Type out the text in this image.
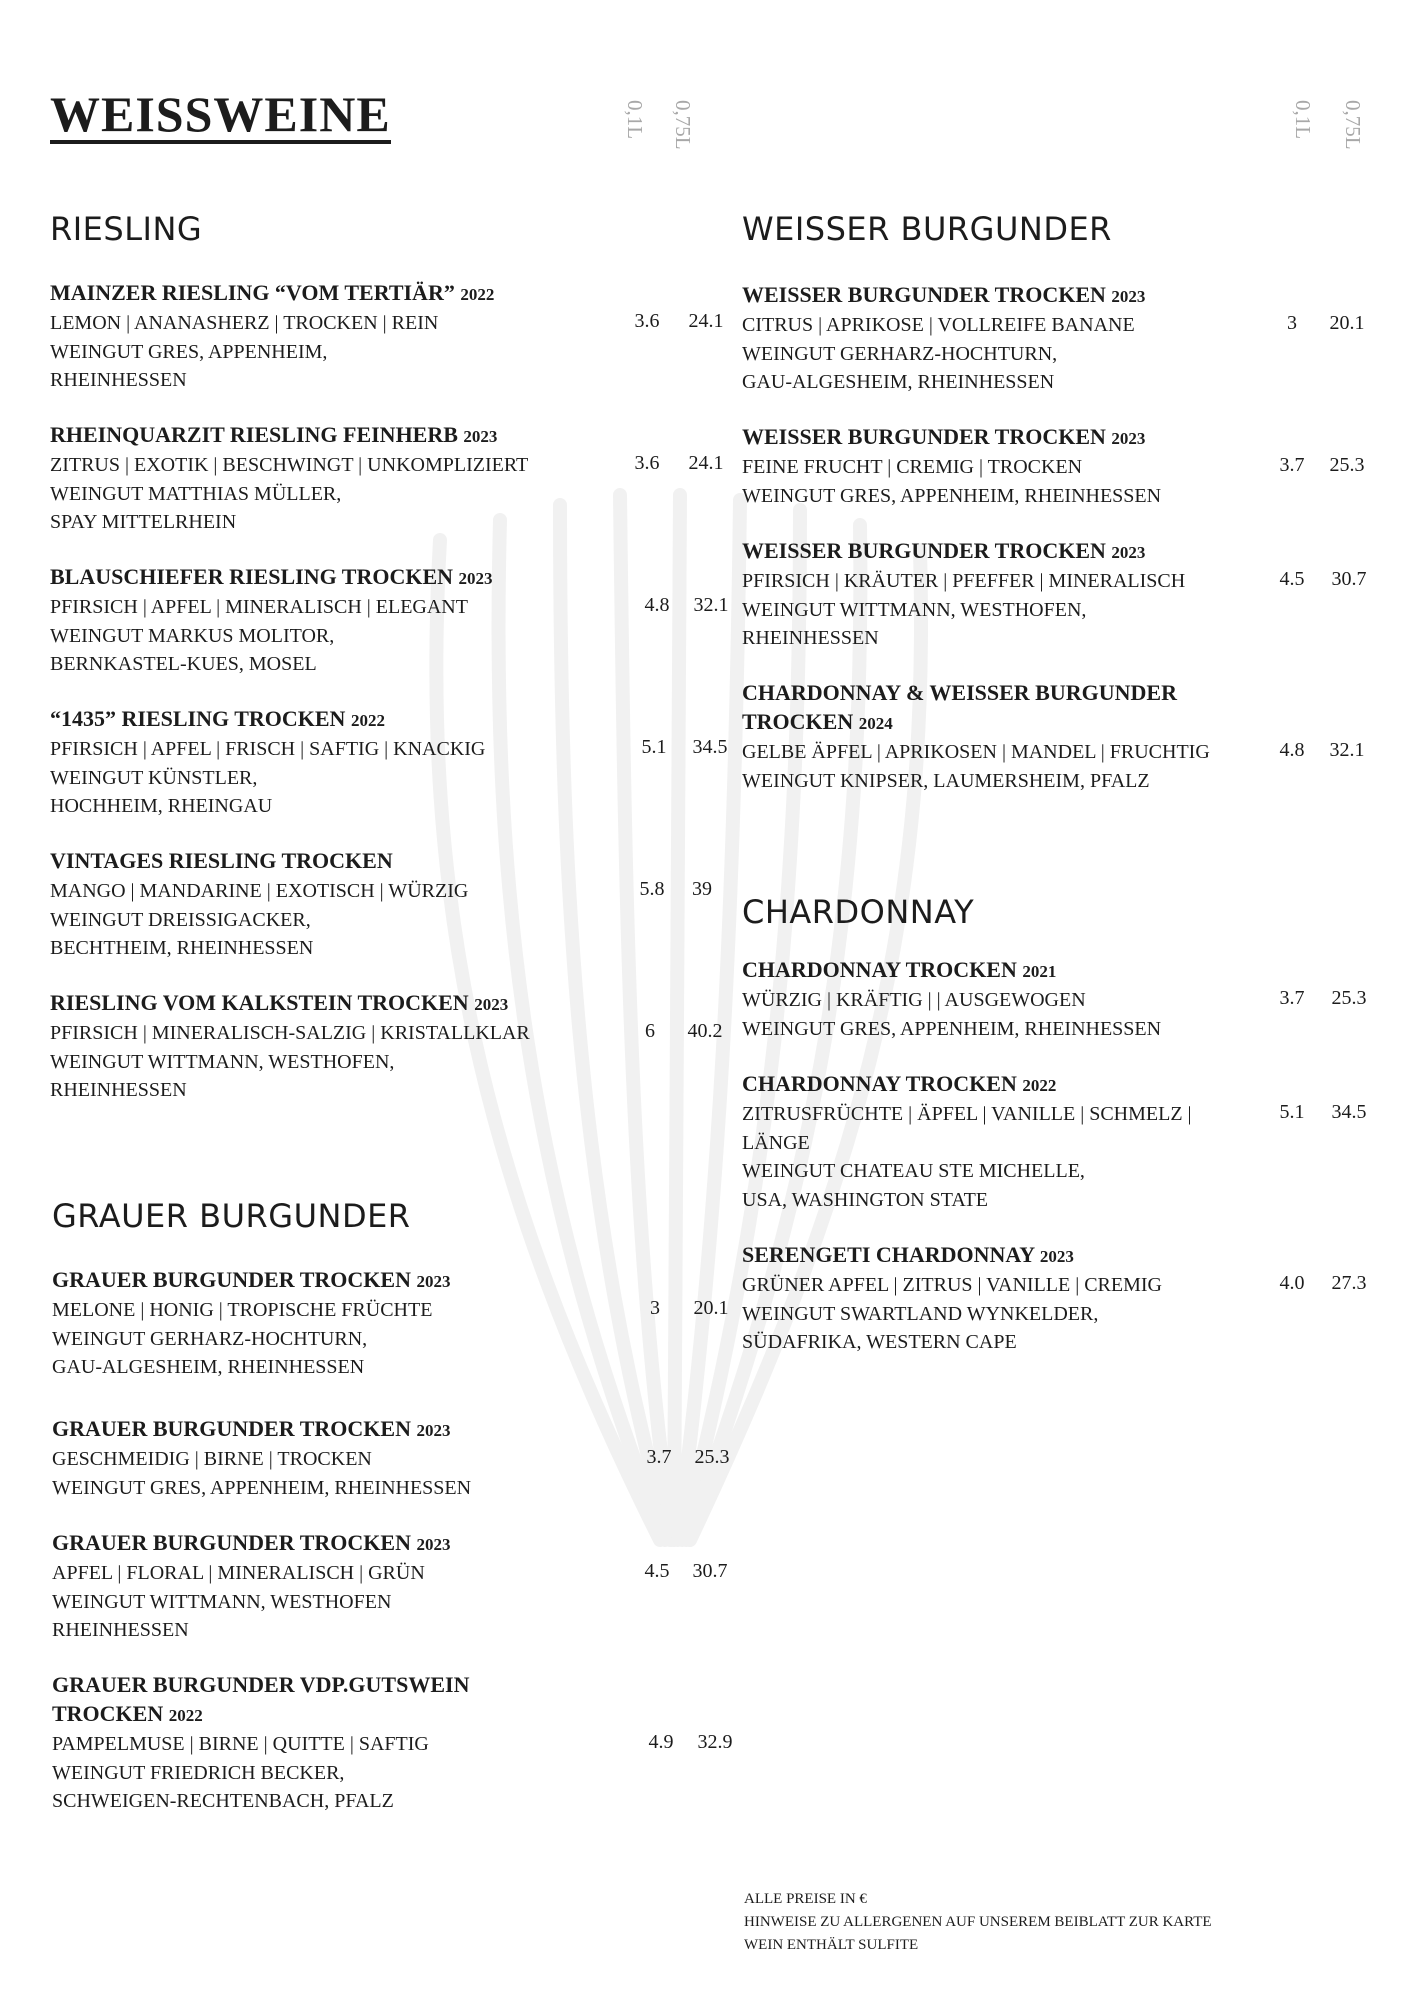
WEISSWEINE	0,1L 0,75L	0,1L 0,75L
RIESLING
GRAUER BURGUNDER
WEISSER BURGUNDER
CHARDONNAY
MAINZER RIESLING “VOM TERTIÄR” 2022
LEMON | ANANASHERZ | TROCKEN | REIN
WEINGUT GRES, APPENHEIM,
RHEINHESSEN
3.6	24.1
RHEINQUARZIT RIESLING FEINHERB 2023
ZITRUS | EXOTIK | BESCHWINGT | UNKOMPLIZIERT
WEINGUT MATTHIAS MÜLLER,
SPAY MITTELRHEIN
3.6	24.1
BLAUSCHIEFER RIESLING TROCKEN 2023
PFIRSICH | APFEL | MINERALISCH | ELEGANT
WEINGUT MARKUS MOLITOR,
BERNKASTEL-KUES, MOSEL
4.8	32.1
“1435” RIESLING TROCKEN 2022
PFIRSICH | APFEL | FRISCH | SAFTIG | KNACKIG
WEINGUT KÜNSTLER,
HOCHHEIM, RHEINGAU
5.1	34.5
VINTAGES RIESLING TROCKEN
MANGO | MANDARINE | EXOTISCH | WÜRZIG
WEINGUT DREISSIGACKER,
BECHTHEIM, RHEINHESSEN
5.8	39
RIESLING VOM KALKSTEIN TROCKEN 2023
PFIRSICH | MINERALISCH-SALZIG | KRISTALLKLAR
WEINGUT WITTMANN, WESTHOFEN,
RHEINHESSEN
6	40.2
GRAUER BURGUNDER TROCKEN 2023
MELONE | HONIG | TROPISCHE FRÜCHTE
WEINGUT GERHARZ-HOCHTURN,
GAU-ALGESHEIM, RHEINHESSEN
3	20.1
GRAUER BURGUNDER TROCKEN 2023
GESCHMEIDIG | BIRNE | TROCKEN
WEINGUT GRES, APPENHEIM, RHEINHESSEN
3.7	25.3
GRAUER BURGUNDER TROCKEN 2023
APFEL | FLORAL | MINERALISCH | GRÜN
WEINGUT WITTMANN, WESTHOFEN
RHEINHESSEN
4.5	30.7
GRAUER BURGUNDER VDP.GUTSWEIN TROCKEN 2022
PAMPELMUSE | BIRNE | QUITTE | SAFTIG
WEINGUT FRIEDRICH BECKER,
SCHWEIGEN-RECHTENBACH, PFALZ
4.9	32.9
WEISSER BURGUNDER TROCKEN 2023
CITRUS | APRIKOSE | VOLLREIFE BANANE
WEINGUT GERHARZ-HOCHTURN,
GAU-ALGESHEIM, RHEINHESSEN
3	20.1
WEISSER BURGUNDER TROCKEN 2023
FEINE FRUCHT | CREMIG | TROCKEN
WEINGUT GRES, APPENHEIM, RHEINHESSEN
3.7	25.3
WEISSER BURGUNDER TROCKEN 2023
PFIRSICH | KRÄUTER | PFEFFER | MINERALISCH
WEINGUT WITTMANN, WESTHOFEN,
RHEINHESSEN
4.5	30.7
CHARDONNAY & WEISSER BURGUNDER TROCKEN 2024
GELBE ÄPFEL | APRIKOSEN | MANDEL | FRUCHTIG
WEINGUT KNIPSER, LAUMERSHEIM, PFALZ
4.8	32.1
CHARDONNAY TROCKEN 2021
WÜRZIG | KRÄFTIG | | AUSGEWOGEN
WEINGUT GRES, APPENHEIM, RHEINHESSEN
3.7	25.3
CHARDONNAY TROCKEN 2022
ZITRUSFRÜCHTE | ÄPFEL | VANILLE | SCHMELZ | LÄNGE
WEINGUT CHATEAU STE MICHELLE,
USA, WASHINGTON STATE
5.1	34.5
SERENGETI CHARDONNAY 2023
GRÜNER APFEL | ZITRUS | VANILLE | CREMIG
WEINGUT SWARTLAND WYNKELDER,
SÜDAFRIKA, WESTERN CAPE
4.0	27.3
ALLE PREISE IN €
HINWEISE ZU ALLERGENEN AUF UNSEREM BEIBLATT ZUR KARTE
WEIN ENTHÄLT SULFITE
